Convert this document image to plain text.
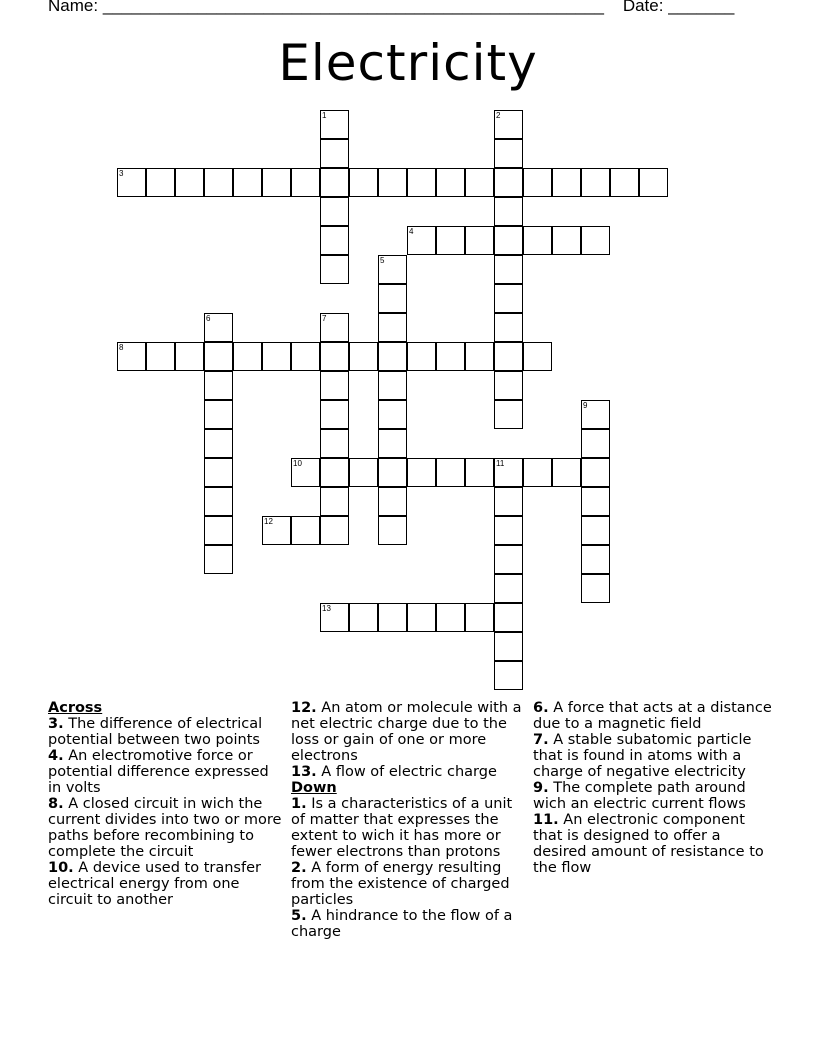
Name: _____________________________________________________ Date: _______
Electricity
1	2
3
4
5
6	7
8
9
10	11
12
13
Across

3. The difference of electrical potential between two points

4. An electromotive force or potential difference expressed in volts

8. A closed circuit in wich the current divides into two or more paths before recombining to complete the circuit

10. A device used to transfer electrical energy from one circuit to another

12. An atom or molecule with a net electric charge due to the loss or gain of one or more electrons

13. A flow of electric charge

Down

1. Is a characteristics of a unit of matter that expresses the extent to wich it has more or fewer electrons than protons

2. A form of energy resulting from the existence of charged particles

5. A hindrance to the flow of a charge

6. A force that acts at a distance due to a magnetic field

7. A stable subatomic particle that is found in atoms with a charge of negative electricity

9. The complete path around wich an electric current flows

11. An electronic component that is designed to offer a desired amount of resistance to the flow
